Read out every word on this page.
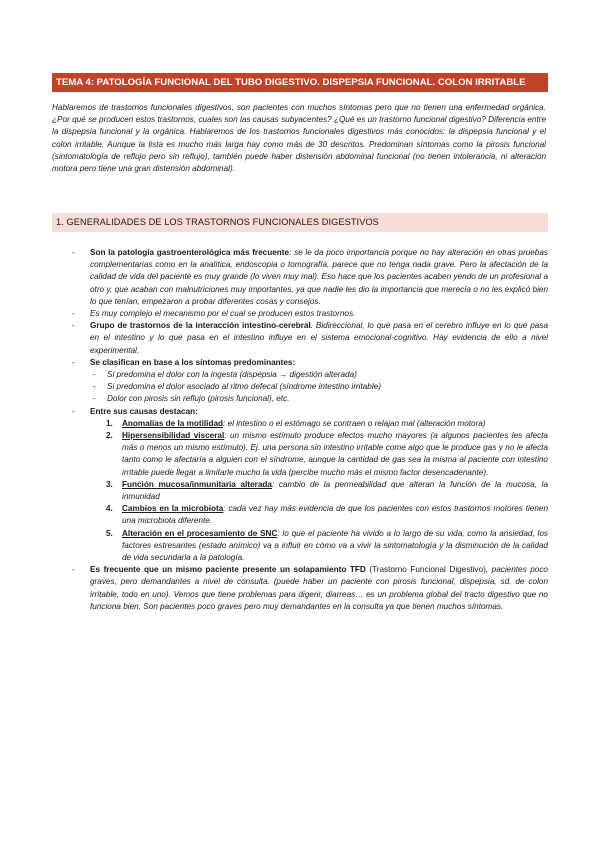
TEMA 4: PATOLOGÍA FUNCIONAL DEL TUBO DIGESTIVO. DISPEPSIA FUNCIONAL. COLON IRRITABLE

Hablaremos de trastornos funcionales digestivos, son pacientes con muchos síntomas pero que no tienen una enfermedad orgánica. ¿Por qué se producen estos trastornos, cuales son las causas subyacentes? ¿Qué es un trastorno funcional digestivo? Diferencia entre la dispepsia funcional y la orgánica. Hablaremos de los trastornos funcionales digestivos más conocidos: la dispepsia funcional y el colon irritable. Aunque la lista es mucho más larga hay como más de 30 descritos. Predominan síntomas como la pirosis funcional (sintomatología de reflujo pero sin reflujo), también puede haber distensión abdominal funcional (no tienen intolerancia, ni alteración motora pero tiene una gran distensión abdominal).

1. GENERALIDADES DE LOS TRASTORNOS FUNCIONALES DIGESTIVOS

- Son la patología gastroenterológica más frecuente: se le da poco importancia porque no hay alteración en otras pruebas complementarias como en la analítica, endoscopia o tomografía, parece que no tenga nada grave. Pero la afectación de la calidad de vida del paciente es muy grande (lo viven muy mal). Eso hace que los pacientes acaben yendo de un profesional a otro y, que acaban con malnutriciones muy importantes, ya que nadie les dio la importancia que merecía o no les explicó bien lo que tenían, empezaron a probar diferentes cosas y consejos.

- Es muy complejo el mecanismo por el cual se producen estos trastornos.

- Grupo de trastornos de la interacción intestino-cerebral. Bidireccional, lo que pasa en el cerebro influye en lo que pasa en el intestino y lo que pasa en el intestino influye en el sistema emocional-cognitivo. Hay evidencia de ello a nivel experimental.

- Se clasifican en base a los síntomas predominantes:

- Si predomina el dolor con la ingesta (dispepsia → digestión alterada)

- Si predomina el dolor asociado al ritmo defecal (síndrome intestino irritable)

- Dolor con pirosis sin reflujo (pirosis funcional), etc.

- Entre sus causas destacan:

1. Anomalías de la motilidad: el intestino o el estómago se contraen o relajan mal (alteración motora)

2. Hipersensibilidad visceral: un mismo estímulo produce efectos mucho mayores (a algunos pacientes les afecta más o menos un mismo estímulo). Ej. una persona sin intestino irritable come algo que le produce gas y no le afecta tanto como le afectaría a alguien con el síndrome, aunque la cantidad de gas sea la misma al paciente con intestino irritable puede llegar a limitarle mucho la vida (percibe mucho más el mismo factor desencadenante).

3. Función mucosa/inmunitaria alterada: cambio de la permeabilidad que alteran la función de la mucosa, la inmunidad

4. Cambios en la microbiota: cada vez hay más evidencia de que los pacientes con estos trastornos motores tienen una microbiota diferente.

5. Alteración en el procesamiento de SNC: lo que el paciente ha vivido a lo largo de su vida, como la ansiedad, los factores estresantes (estado anímico) va a influir en cómo va a vivir la sintomatología y la disminución de la calidad de vida secundaria a la patología.

- Es frecuente que un mismo paciente presente un solapamiento TFD (Trastorno Funcional Digestivo), pacientes poco graves, pero demandantes a nivel de consulta. (puede haber un paciente con pirosis funcional, dispepsia, sd. de colon irritable, todo en uno). Vemos que tiene problemas para digerir, diarreas… es un problema global del tracto digestivo que no funciona bien. Son pacientes poco graves pero muy demandantes en la consulta ya que tienen muchos síntomas.
